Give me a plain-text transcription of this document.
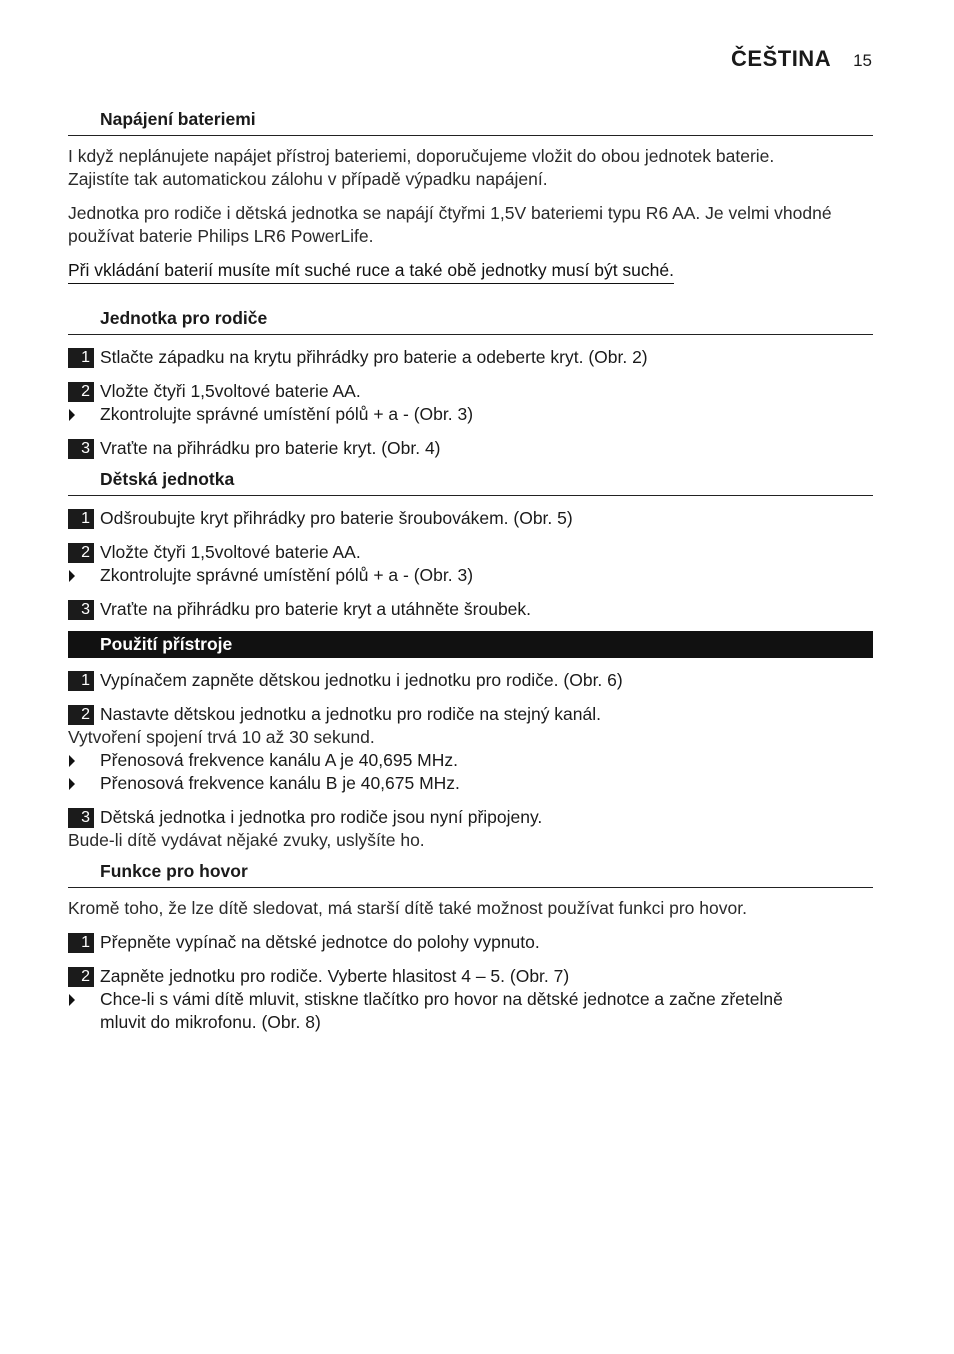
ČEŠTINA 15
Napájení bateriemi

I když neplánujete napájet přístroj bateriemi, doporučujeme vložit do obou jednotek baterie.
Zajistíte tak automatickou zálohu v případě výpadku napájení.

Jednotka pro rodiče i dětská jednotka se napájí čtyřmi 1,5V bateriemi typu R6 AA. Je velmi vhodné
používat baterie Philips LR6 PowerLife.

Při vkládání baterií musíte mít suché ruce a také obě jednotky musí být suché.
Jednotka pro rodiče
1 Stlačte západku na krytu přihrádky pro baterie a odeberte kryt. (Obr. 2)
2 Vložte čtyři 1,5voltové baterie AA.
Zkontrolujte správné umístění pólů + a - (Obr. 3)
3 Vraťte na přihrádku pro baterie kryt. (Obr. 4)
Dětská jednotka
1 Odšroubujte kryt přihrádky pro baterie šroubovákem. (Obr. 5)
2 Vložte čtyři 1,5voltové baterie AA.
Zkontrolujte správné umístění pólů + a - (Obr. 3)
3 Vraťte na přihrádku pro baterie kryt a utáhněte šroubek.
Použití přístroje
1 Vypínačem zapněte dětskou jednotku i jednotku pro rodiče. (Obr. 6)
2 Nastavte dětskou jednotku a jednotku pro rodiče na stejný kanál.
Vytvoření spojení trvá 10 až 30 sekund.
Přenosová frekvence kanálu A je 40,695 MHz.
Přenosová frekvence kanálu B je 40,675 MHz.
3 Dětská jednotka i jednotka pro rodiče jsou nyní připojeny.
Bude-li dítě vydávat nějaké zvuky, uslyšíte ho.
Funkce pro hovor

Kromě toho, že lze dítě sledovat, má starší dítě také možnost používat funkci pro hovor.

1 Přepněte vypínač na dětské jednotce do polohy vypnuto.
2 Zapněte jednotku pro rodiče. Vyberte hlasitost 4 – 5. (Obr. 7)
Chce-li s vámi dítě mluvit, stiskne tlačítko pro hovor na dětské jednotce a začne zřetelně
mluvit do mikrofonu. (Obr. 8)
